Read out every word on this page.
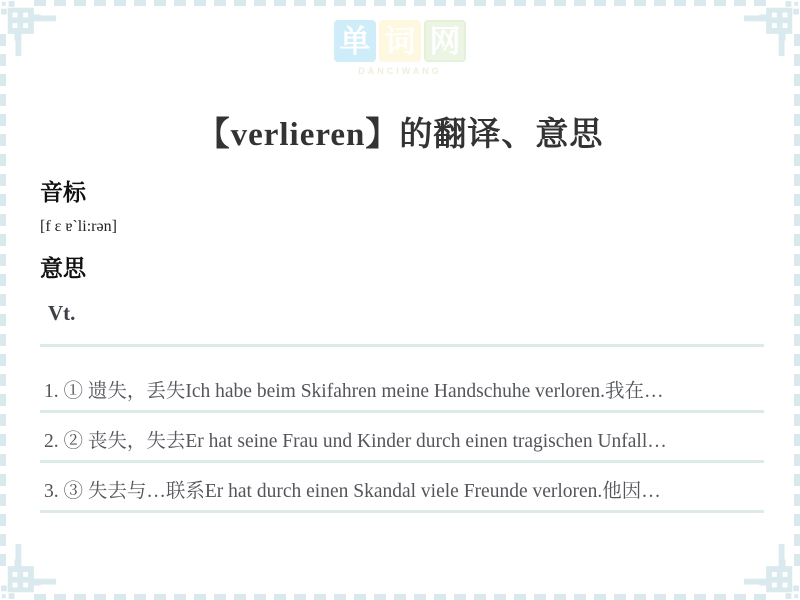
单 词 网
DANCIWANG
【verlieren】的翻译、意思
音标
[f ɛ ɐ`li:rən]
意思
Vt.
1. ① 遗失，丢失Ich habe beim Skifahren meine Handschuhe verloren.我在…
2. ② 丧失，失去Er hat seine Frau und Kinder durch einen tragischen Unfall…
3. ③ 失去与…联系Er hat durch einen Skandal viele Freunde verloren.他因…
